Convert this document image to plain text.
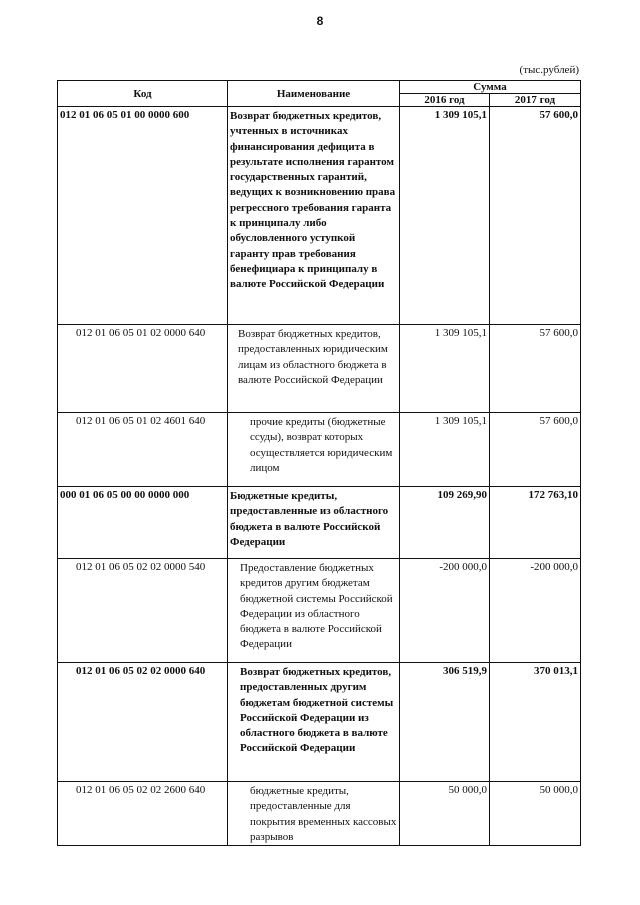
8
(тыс.рублей)
Код	Наименование	Сумма	
		2016 год	2017 год

012 01 06 05 01 00 0000 600	Возврат бюджетных кредитов, учтенных в источниках финансирования дефицита в результате исполнения гарантом государственных гарантий, ведущих к возникновению права регрессного требования гаранта к принципалу либо обусловленного уступкой гаранту прав требования бенефициара к принципалу в валюте Российской Федерации	1 309 105,1	57 600,0

012 01 06 05 01 02 0000 640	Возврат бюджетных кредитов, предоставленных юридическим лицам из областного бюджета в валюте Российской Федерации	1 309 105,1	57 600,0

012 01 06 05 01 02 4601 640	прочие кредиты (бюджетные ссуды), возврат которых осуществляется юридическим лицом	1 309 105,1	57 600,0

000 01 06 05 00 00 0000 000	Бюджетные кредиты, предоставленные из областного бюджета в валюте Российской Федерации	109 269,90	172 763,10

012 01 06 05 02 02 0000 540	Предоставление бюджетных кредитов другим бюджетам бюджетной системы Российской Федерации из областного бюджета в валюте Российской Федерации	-200 000,0	-200 000,0

012 01 06 05 02 02 0000 640	Возврат бюджетных кредитов, предоставленных другим бюджетам бюджетной системы Российской Федерации из областного бюджета в валюте Российской Федерации	306 519,9	370 013,1

012 01 06 05 02 02 2600 640	бюджетные кредиты, предоставленные для покрытия временных кассовых разрывов	50 000,0	50 000,0
